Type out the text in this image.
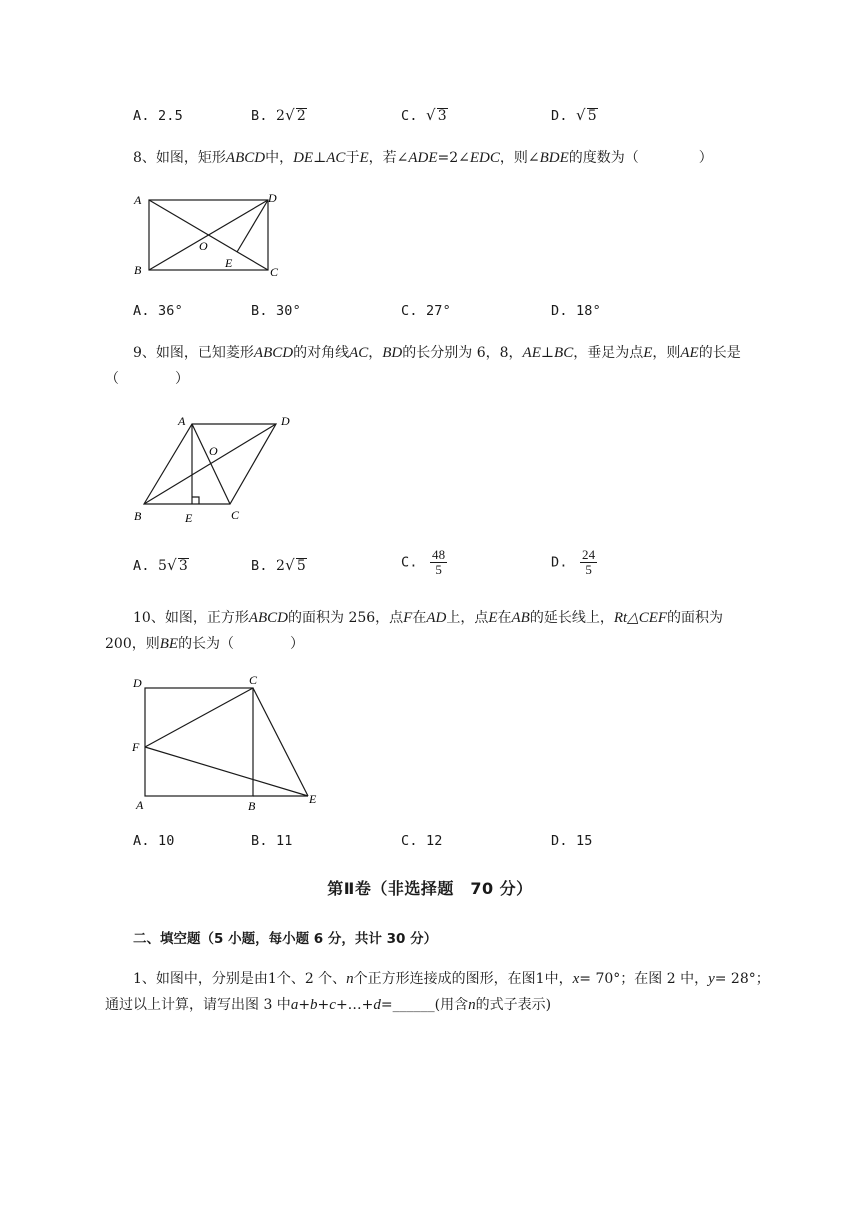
A. 2.5	B. 2√ 2	C. √ 3	D. √ 5
8、如图，矩形ABCD中，DE⊥AC于E，若∠ADE=2∠EDC，则∠BDE的度数为（	）
A
B	C
D
O
E
A. 36°	B. 30°	C. 27°	D. 18°
9、如图，已知菱形ABCD的对角线AC，BD的长分别为 6，8，AE⊥BC，垂足为点E，则AE的长是
（　　　　）
A
B	C
D
O
E
A. 5√ 3	B. 2√ 5	C. $\frac{48}{5}$	D. $\frac{24}{5}$
10、如图，正方形ABCD的面积为 256，点F在AD上，点E在AB的延长线上，Rt△CEF的面积为
200，则BE的长为（　　　　）
D	C
F
A	B	E
A. 10	B. 11	C. 12	D. 15
第Ⅱ卷（非选择题　70 分）
二、填空题（5 小题，每小题 6 分，共计 30 分）
1、如图中，分别是由1个、2 个、n个正方形连接成的图形，在图1中，x= 70°；在图 2 中，y= 28°；
通过以上计算，请写出图 3 中a+b+c+…+d=______(用含n的式子表示)
